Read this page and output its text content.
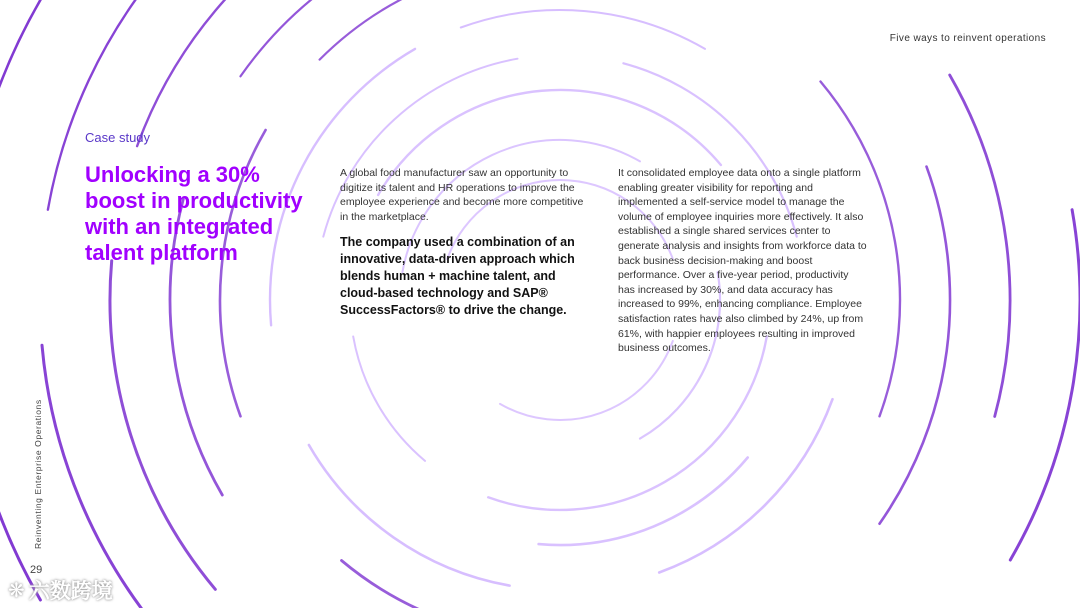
Five ways to reinvent operations
Case study
Unlocking a 30% boost in productivity with an integrated talent platform

A global food manufacturer saw an opportunity to digitize its talent and HR operations to improve the employee experience and become more competitive in the marketplace.

The company used a combination of an innovative, data-driven approach which blends human + machine talent, and cloud-based technology and SAP® SuccessFactors® to drive the change.

It consolidated employee data onto a single platform enabling greater visibility for reporting and implemented a self-service model to manage the volume of employee inquiries more effectively. It also established a single shared services center to generate analysis and insights from workforce data to back business decision-making and boost performance. Over a five-year period, productivity has increased by 30%, and data accuracy has increased to 99%, enhancing compliance. Employee satisfaction rates have also climbed by 24%, up from 61%, with happier employees resulting in improved business outcomes.

Reinventing Enterprise Operations
29
❋ 六数跨境
